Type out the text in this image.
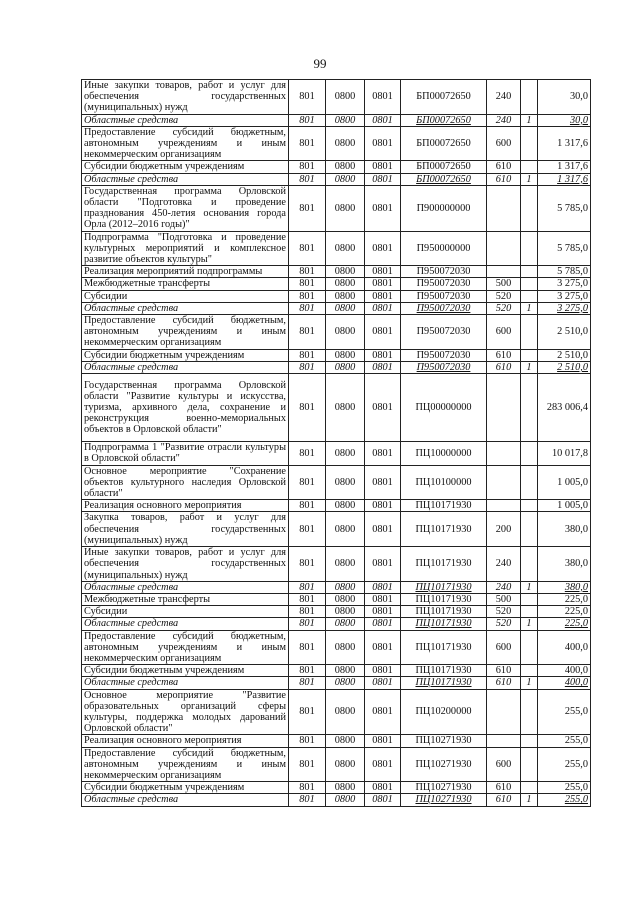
99
Иные закупки товаров, работ и услуг для обеспечения государственных (муниципальных) нужд	801	0800	0801	БП00072650	240		30,0
Областные средства	801	0800	0801	БП00072650	240	1	30,0
Предоставление субсидий бюджетным, автономным учреждениям и иным некоммерческим организациям	801	0800	0801	БП00072650	600		1 317,6
Субсидии бюджетным учреждениям	801	0800	0801	БП00072650	610		1 317,6
Областные средства	801	0800	0801	БП00072650	610	1	1 317,6
Государственная программа Орловской области "Подготовка и проведение празднования 450-летия основания города Орла (2012–2016 годы)"	801	0800	0801	П900000000			5 785,0
Подпрограмма "Подготовка и проведение культурных мероприятий и комплексное развитие объектов культуры"	801	0800	0801	П950000000			5 785,0
Реализация мероприятий подпрограммы	801	0800	0801	П950072030			5 785,0
Межбюджетные трансферты	801	0800	0801	П950072030	500		3 275,0
Субсидии	801	0800	0801	П950072030	520		3 275,0
Областные средства	801	0800	0801	П950072030	520	1	3 275,0
Предоставление субсидий бюджетным, автономным учреждениям и иным некоммерческим организациям	801	0800	0801	П950072030	600		2 510,0
Субсидии бюджетным учреждениям	801	0800	0801	П950072030	610		2 510,0
Областные средства	801	0800	0801	П950072030	610	1	2 510,0
Государственная программа Орловской области "Развитие культуры и искусства, туризма, архивного дела, сохранение и реконструкция военно-мемориальных объектов в Орловской области"	801	0800	0801	ПЦ00000000			283 006,4
Подпрограмма 1 "Развитие отрасли культуры в Орловской области"	801	0800	0801	ПЦ10000000			10 017,8
Основное мероприятие "Сохранение объектов культурного наследия Орловской области"	801	0800	0801	ПЦ10100000			1 005,0
Реализация основного мероприятия	801	0800	0801	ПЦ10171930			1 005,0
Закупка товаров, работ и услуг для обеспечения государственных (муниципальных) нужд	801	0800	0801	ПЦ10171930	200		380,0
Иные закупки товаров, работ и услуг для обеспечения государственных (муниципальных) нужд	801	0800	0801	ПЦ10171930	240		380,0
Областные средства	801	0800	0801	ПЦ10171930	240	1	380,0
Межбюджетные трансферты	801	0800	0801	ПЦ10171930	500		225,0
Субсидии	801	0800	0801	ПЦ10171930	520		225,0
Областные средства	801	0800	0801	ПЦ10171930	520	1	225,0
Предоставление субсидий бюджетным, автономным учреждениям и иным некоммерческим организациям	801	0800	0801	ПЦ10171930	600		400,0
Субсидии бюджетным учреждениям	801	0800	0801	ПЦ10171930	610		400,0
Областные средства	801	0800	0801	ПЦ10171930	610	1	400,0
Основное мероприятие "Развитие образовательных организаций сферы культуры, поддержка молодых дарований Орловской области"	801	0800	0801	ПЦ10200000			255,0
Реализация основного мероприятия	801	0800	0801	ПЦ10271930			255,0
Предоставление субсидий бюджетным, автономным учреждениям и иным некоммерческим организациям	801	0800	0801	ПЦ10271930	600		255,0
Субсидии бюджетным учреждениям	801	0800	0801	ПЦ10271930	610		255,0
Областные средства	801	0800	0801	ПЦ10271930	610	1	255,0
